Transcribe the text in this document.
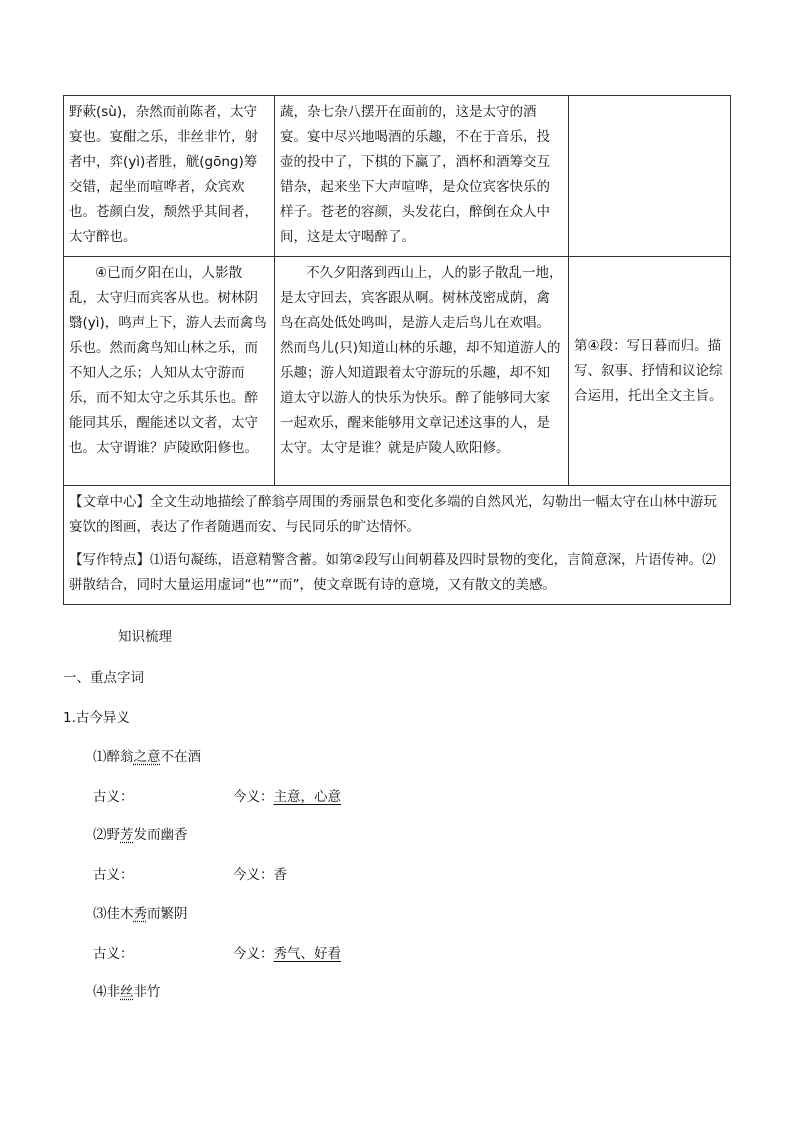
野蔌(sù)，杂然而前陈者，太守宴也。宴酣之乐，非丝非竹，射者中，弈(yì)者胜，觥(gōng)筹交错，起坐而喧哗者，众宾欢也。苍颜白发，颓然乎其间者，太守醉也。	蔬，杂七杂八摆开在面前的，这是太守的酒宴。宴中尽兴地喝酒的乐趣，不在于音乐，投壶的投中了，下棋的下赢了，酒杯和酒筹交互错杂，起来坐下大声喧哗，是众位宾客快乐的样子。苍老的容颜，头发花白，醉倒在众人中间，这是太守喝醉了。	
④已而夕阳在山，人影散乱，太守归而宾客从也。树林阴翳(yì)，鸣声上下，游人去而禽鸟乐也。然而禽鸟知山林之乐，而不知人之乐；人知从太守游而乐，而不知太守之乐其乐也。醉能同其乐，醒能述以文者，太守也。太守谓谁？庐陵欧阳修也。	不久夕阳落到西山上，人的影子散乱一地，是太守回去，宾客跟从啊。树林茂密成荫，禽鸟在高处低处鸣叫，是游人走后鸟儿在欢唱。然而鸟儿(只)知道山林的乐趣，却不知道游人的乐趣；游人知道跟着太守游玩的乐趣，却不知道太守以游人的快乐为快乐。醉了能够同大家一起欢乐，醒来能够用文章记述这事的人，是太守。太守是谁？就是庐陵人欧阳修。	第④段：写日暮而归。描写、叙事、抒情和议论综合运用，托出全文主旨。

【文章中心】全文生动地描绘了醉翁亭周围的秀丽景色和变化多端的自然风光，勾勒出一幅太守在山林中游玩宴饮的图画，表达了作者随遇而安、与民同乐的旷达情怀。

【写作特点】⑴语句凝练，语意精警含蓄。如第②段写山间朝暮及四时景物的变化，言简意深，片语传神。⑵骈散结合，同时大量运用虚词“也”“而”，使文章既有诗的意境，又有散文的美感。		

知识梳理
一、重点字词
1.古今异义
⑴醉翁之意不在酒
古义：	今义：主意，心意
⑵野芳发而幽香
古义：	今义：香
⑶佳木秀而繁阴
古义：	今义：秀气、好看
⑷非丝非竹
